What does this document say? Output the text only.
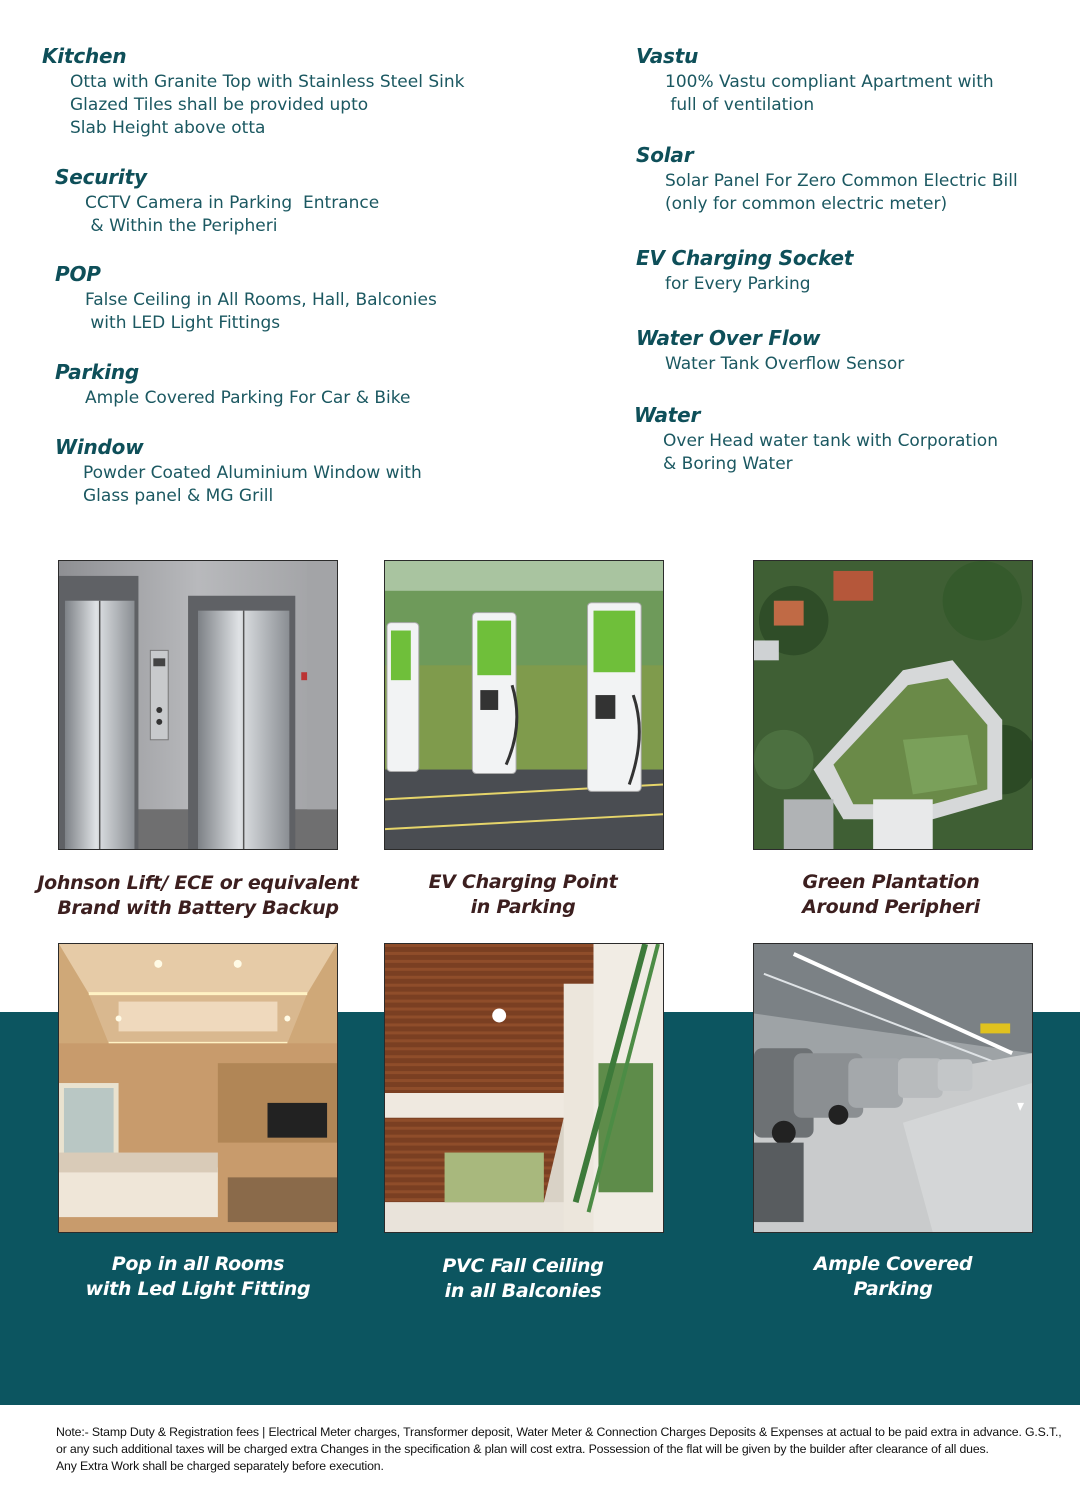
Kitchen
Otta with Granite Top with Stainless Steel Sink
Glazed Tiles shall be provided upto
Slab Height above otta
Security
CCTV Camera in Parking  Entrance
& Within the Peripheri
POP
False Ceiling in All Rooms, Hall, Balconies
with LED Light Fittings
Parking
Ample Covered Parking For Car & Bike
Window
Powder Coated Aluminium Window with
Glass panel & MG Grill
Vastu
100% Vastu compliant Apartment with
full of ventilation
Solar
Solar Panel For Zero Common Electric Bill
(only for common electric meter)
EV Charging Socket
for Every Parking
Water Over Flow
Water Tank Overflow Sensor
Water
Over Head water tank with Corporation
& Boring Water
Johnson Lift/ ECE or equivalent
Brand with Battery Backup
EV Charging Point
in Parking
Green Plantation
Around Peripheri
Pop in all Rooms
with Led Light Fitting
PVC Fall Ceiling
in all Balconies
Ample Covered
Parking
Note:- Stamp Duty & Registration fees | Electrical Meter charges, Transformer deposit, Water Meter & Connection Charges Deposits & Expenses at actual to be paid extra in advance. G.S.T.,
or any such additional taxes will be charged extra Changes in the specification & plan will cost extra. Possession of the flat will be given by the builder after clearance of all dues.
Any Extra Work shall be charged separately before execution.
